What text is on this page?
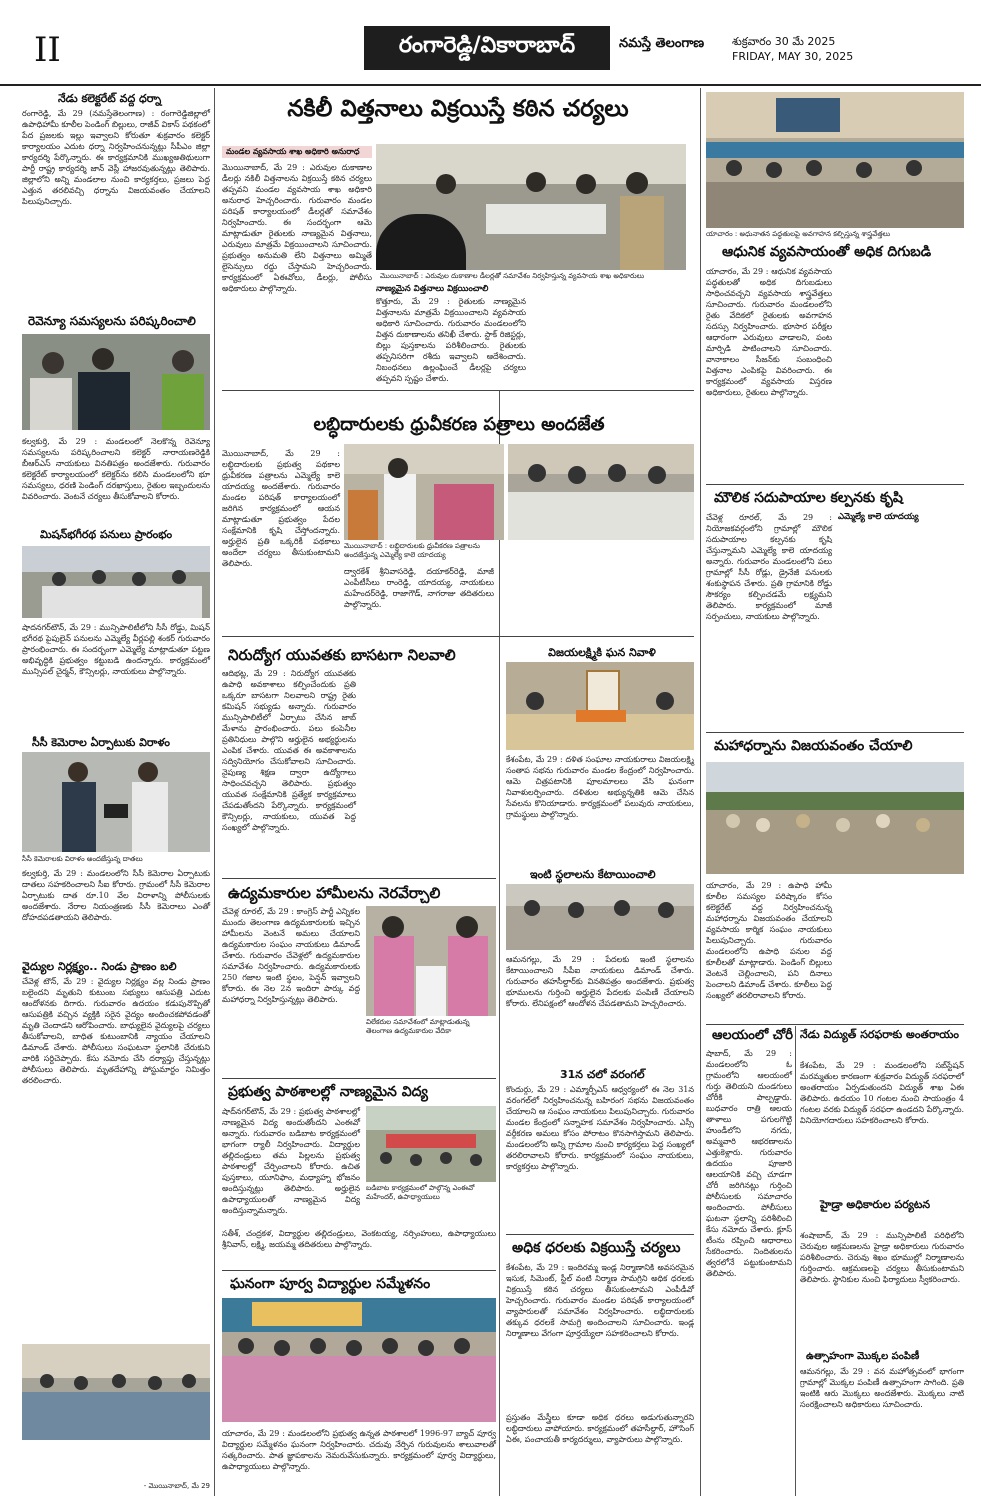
II	రంగారెడ్డి/వికారాబాద్	నమస్తే తెలంగాణ	శుక్రవారం 30 మే 2025
FRIDAY, MAY 30, 2025
నేడు కలెక్టరేట్ వద్ద ధర్నా
రంగారెడ్డి, మే 29 (నమస్తేతెలంగాణ) : రంగారెడ్డిజిల్లాలో ఉపాధిహామీ కూలీల పెండింగ్ బిల్లులు, రాజీవ్ వికాస్ పథకంలో పేద ప్రజలకు ఇల్లు ఇవ్వాలని కోరుతూ శుక్రవారం కలెక్టర్ కార్యాలయం ఎదుట ధర్నా నిర్వహించనున్నట్లు సీపీఎం జిల్లా కార్యదర్శి పేర్కొన్నారు. ఈ కార్యక్రమానికి ముఖ్యఅతిథులుగా పార్టీ రాష్ట్ర కార్యదర్శి జాన్ వెస్లీ హాజరవుతున్నట్లు తెలిపారు. జిల్లాలోని అన్ని మండలాల నుంచి కార్యకర్తలు, ప్రజలు పెద్ద ఎత్తున తరలివచ్చి ధర్నాను విజయవంతం చేయాలని పిలుపునిచ్చారు.
రెవెన్యూ సమస్యలను పరిష్కరించాలి
కల్వకుర్తి, మే 29 : మండలంలో నెలకొన్న రెవెన్యూ సమస్యలను పరిష్కరించాలని కలెక్టర్ నారాయణరెడ్డికి బీఆర్ఎస్ నాయకులు వినతిపత్రం అందజేశారు. గురువారం కలెక్టరేట్ కార్యాలయంలో కలెక్టర్‌ను కలిసి మండలంలోని భూ సమస్యలు, ధరణి పెండింగ్ దరఖాస్తులు, రైతుల ఇబ్బందులను వివరించారు. వెంటనే చర్యలు తీసుకోవాలని కోరారు.
మిషన్‌భగీరథ పనులు ప్రారంభం
షాదనగర్‌టౌన్, మే 29 : మున్సిపాలిటీలోని సీసీ రోడ్డు, మిషన్ భగీరథ పైపులైన్ పనులను ఎమ్మెల్యే వీర్లపల్లి శంకర్ గురువారం ప్రారంభించారు. ఈ సందర్భంగా ఎమ్మెల్యే మాట్లాడుతూ పట్టణ అభివృద్ధికి ప్రభుత్వం కట్టుబడి ఉందన్నారు. కార్యక్రమంలో మున్సిపల్ చైర్మన్, కౌన్సిలర్లు, నాయకులు పాల్గొన్నారు.
సీసీ కెమెరాల ఏర్పాటుకు విరాళం
సీసీ కెమెరాలకు విరాళం అందజేస్తున్న దాతలు
కల్వకుర్తి, మే 29 : మండలంలోని సీసీ కెమెరాల ఏర్పాటుకు దాతలు సహకరించాలని సీఐ కోరారు. గ్రామంలో సీసీ కెమెరాల ఏర్పాటుకు దాత రూ.10 వేల విరాళాన్ని పోలీసులకు అందజేశారు. నేరాల నియంత్రణకు సీసీ కెమెరాలు ఎంతో దోహదపడతాయని తెలిపారు.
వైద్యుల నిర్లక్ష్యం.. నిండు ప్రాణం బలి
చేవెళ్ల టౌన్, మే 29 : వైద్యుల నిర్లక్ష్యం వల్ల నిండు ప్రాణం బలైందని మృతుని కుటుంబ సభ్యులు ఆసుపత్రి ఎదుట ఆందోళనకు దిగారు. గురువారం ఉదయం కడుపునొప్పితో ఆసుపత్రికి వచ్చిన వ్యక్తికి సరైన వైద్యం అందించకపోవడంతో మృతి చెందాడని ఆరోపించారు. బాధ్యులైన వైద్యులపై చర్యలు తీసుకోవాలని, బాధిత కుటుంబానికి న్యాయం చేయాలని డిమాండ్ చేశారు. పోలీసులు సంఘటనా స్థలానికి చేరుకుని వారికి సర్దిచెప్పారు. కేసు నమోదు చేసి దర్యాప్తు చేస్తున్నట్లు పోలీసులు తెలిపారు. మృతదేహాన్ని పోస్టుమార్టం నిమిత్తం తరలించారు.
- మొయినాబాద్, మే 29
నకిలీ విత్తనాలు విక్రయిస్తే కఠిన చర్యలు
మండల వ్యవసాయ శాఖ అధికారి అనురాధ
మొయినాబాద్, మే 29 : ఎరువుల దుకాణాల డీలర్లు నకిలీ విత్తనాలను విక్రయిస్తే కఠిన చర్యలు తప్పవని మండల వ్యవసాయ శాఖ అధికారి అనురాధ హెచ్చరించారు. గురువారం మండల పరిషత్ కార్యాలయంలో డీలర్లతో సమావేశం నిర్వహించారు. ఈ సందర్భంగా ఆమె మాట్లాడుతూ రైతులకు నాణ్యమైన విత్తనాలు, ఎరువులు మాత్రమే విక్రయించాలని సూచించారు. ప్రభుత్వం అనుమతి లేని విత్తనాలు అమ్మితే లైసెన్సులు రద్దు చేస్తామని హెచ్చరించారు. కార్యక్రమంలో ఏఈవోలు, డీలర్లు, పోలీసు అధికారులు పాల్గొన్నారు.
మొయినాబాద్ : ఎరువుల దుకాణాల డీలర్లతో సమావేశం నిర్వహిస్తున్న వ్యవసాయ శాఖ అధికారులు
నాణ్యమైన విత్తనాలు విక్రయించాలి
కొత్తూరు, మే 29 : రైతులకు నాణ్యమైన విత్తనాలను మాత్రమే విక్రయించాలని వ్యవసాయ అధికారి సూచించారు. గురువారం మండలంలోని విత్తన దుకాణాలను తనిఖీ చేశారు. స్టాక్ రిజిస్టర్లు, బిల్లు పుస్తకాలను పరిశీలించారు. రైతులకు తప్పనిసరిగా రశీదు ఇవ్వాలని ఆదేశించారు. నిబంధనలు ఉల్లంఘించే డీలర్లపై చర్యలు తప్పవని స్పష్టం చేశారు.
యాచారం : అధునాతన పద్ధతులపై అవగాహన కల్పిస్తున్న శాస్త్రవేత్తలు
ఆధునిక వ్యవసాయంతో అధిక దిగుబడి
యాచారం, మే 29 : ఆధునిక వ్యవసాయ పద్ధతులతో అధిక దిగుబడులు సాధించవచ్చని వ్యవసాయ శాస్త్రవేత్తలు సూచించారు. గురువారం మండలంలోని రైతు వేదికలో రైతులకు అవగాహన సదస్సు నిర్వహించారు. భూసార పరీక్షల ఆధారంగా ఎరువులు వాడాలని, పంట మార్పిడి పాటించాలని సూచించారు. వానాకాలం సీజన్‌కు సంబంధించి విత్తనాల ఎంపికపై వివరించారు. ఈ కార్యక్రమంలో వ్యవసాయ విస్తరణ అధికారులు, రైతులు పాల్గొన్నారు.
లబ్ధిదారులకు ధ్రువీకరణ పత్రాలు అందజేత
మొయినాబాద్, మే 29 : లబ్ధిదారులకు ప్రభుత్వ పథకాల ధ్రువీకరణ పత్రాలను ఎమ్మెల్యే కాలె యాదయ్య అందజేశారు. గురువారం మండల పరిషత్ కార్యాలయంలో జరిగిన కార్యక్రమంలో ఆయన మాట్లాడుతూ ప్రభుత్వం పేదల సంక్షేమానికి కృషి చేస్తోందన్నారు. అర్హులైన ప్రతి ఒక్కరికీ పథకాలు అందేలా చర్యలు తీసుకుంటామని తెలిపారు.
మొయినాబాద్ : లబ్ధిదారులకు ధ్రువీకరణ పత్రాలను అందజేస్తున్న ఎమ్మెల్యే కాలె యాదయ్య
ద్వారకేశ్ శ్రీనివాసరెడ్డి, దయాకర్‌రెడ్డి, మాజీ ఎంపీటీసీలు రాంరెడ్డి, యాదయ్య, నాయకులు మహేందర్‌రెడ్డి, రాజాగౌడ్, నాగరాజు తదితరులు పాల్గొన్నారు.
మౌలిక సదుపాయాల కల్పనకు కృషి
ఎమ్మెల్యే కాలె యాదయ్య
చేవెళ్ల రూరల్, మే 29 : నియోజకవర్గంలోని గ్రామాల్లో మౌలిక సదుపాయాల కల్పనకు కృషి చేస్తున్నామని ఎమ్మెల్యే కాలె యాదయ్య అన్నారు. గురువారం మండలంలోని పలు గ్రామాల్లో సీసీ రోడ్లు, డ్రైనేజీ పనులకు శంకుస్థాపన చేశారు. ప్రతి గ్రామానికి రోడ్డు సౌకర్యం కల్పించడమే లక్ష్యమని తెలిపారు. కార్యక్రమంలో మాజీ సర్పంచులు, నాయకులు పాల్గొన్నారు.
మహాధర్నాను విజయవంతం చేయాలి
యాచారం, మే 29 : ఉపాధి హామీ కూలీల సమస్యల పరిష్కారం కోసం కలెక్టరేట్ వద్ద నిర్వహించనున్న మహాధర్నాను విజయవంతం చేయాలని వ్యవసాయ కార్మిక సంఘం నాయకులు పిలుపునిచ్చారు. గురువారం మండలంలోని ఉపాధి పనుల వద్ద కూలీలతో మాట్లాడారు. పెండింగ్ బిల్లులు వెంటనే చెల్లించాలని, పని దినాలు పెంచాలని డిమాండ్ చేశారు. కూలీలు పెద్ద సంఖ్యలో తరలిరావాలని కోరారు.
నిరుద్యోగ యువతకు బాసటగా నిలవాలి
ఆదిభట్ల, మే 29 : నిరుద్యోగ యువతకు ఉపాధి అవకాశాలు కల్పించేందుకు ప్రతి ఒక్కరూ బాసటగా నిలవాలని రాష్ట్ర రైతు కమిషన్ సభ్యుడు అన్నారు. గురువారం మున్సిపాలిటీలో ఏర్పాటు చేసిన జాబ్ మేళాను ప్రారంభించారు. పలు కంపెనీల ప్రతినిధులు పాల్గొని అర్హులైన అభ్యర్థులను ఎంపిక చేశారు. యువత ఈ అవకాశాలను సద్వినియోగం చేసుకోవాలని సూచించారు. నైపుణ్య శిక్షణ ద్వారా ఉద్యోగాలు సాధించవచ్చని తెలిపారు. ప్రభుత్వం యువత సంక్షేమానికి ప్రత్యేక కార్యక్రమాలు చేపడుతోందని పేర్కొన్నారు. కార్యక్రమంలో కౌన్సిలర్లు, నాయకులు, యువత పెద్ద సంఖ్యలో పాల్గొన్నారు.
ఉద్యమకారుల హామీలను నెరవేర్చాలి
చేవెళ్ల రూరల్, మే 29 : కాంగ్రెస్ పార్టీ ఎన్నికల ముందు తెలంగాణ ఉద్యమకారులకు ఇచ్చిన హామీలను వెంటనే అమలు చేయాలని ఉద్యమకారుల సంఘం నాయకులు డిమాండ్ చేశారు. గురువారం చేవెళ్లలో ఉద్యమకారుల సమావేశం నిర్వహించారు. ఉద్యమకారులకు 250 గజాల ఇంటి స్థలం, పెన్షన్ ఇవ్వాలని కోరారు. ఈ నెల 2న ఇందిరా పార్కు వద్ద మహాధర్నా నిర్వహిస్తున్నట్లు తెలిపారు.
విలేకరుల సమావేశంలో మాట్లాడుతున్న తెలంగాణ ఉద్యమకారుల వేదికా
విజయలక్ష్మికి ఘన నివాళి
కేశంపేట, మే 29 : దళిత సంఘాల నాయకురాలు విజయలక్ష్మి సంతాప సభను గురువారం మండల కేంద్రంలో నిర్వహించారు. ఆమె చిత్రపటానికి పూలమాలలు వేసి ఘనంగా నివాళులర్పించారు. దళితుల అభ్యున్నతికి ఆమె చేసిన సేవలను కొనియాడారు. కార్యక్రమంలో పలువురు నాయకులు, గ్రామస్థులు పాల్గొన్నారు.
ఇంటి స్థలాలను కేటాయించాలి
ఆమనగల్లు, మే 29 : పేదలకు ఇంటి స్థలాలను కేటాయించాలని సీపీఐ నాయకులు డిమాండ్ చేశారు. గురువారం తహసీల్దార్‌కు వినతిపత్రం అందజేశారు. ప్రభుత్వ భూములను గుర్తించి అర్హులైన పేదలకు పంపిణీ చేయాలని కోరారు. లేనిపక్షంలో ఆందోళన చేపడతామని హెచ్చరించారు.
31న చలో వరంగల్
కొందుర్గు, మే 29 : ఎమ్మార్పీఎస్ ఆధ్వర్యంలో ఈ నెల 31న వరంగల్‌లో నిర్వహించనున్న బహిరంగ సభను విజయవంతం చేయాలని ఆ సంఘం నాయకులు పిలుపునిచ్చారు. గురువారం మండల కేంద్రంలో సన్నాహక సమావేశం నిర్వహించారు. ఎస్సీ వర్గీకరణ అమలు కోసం పోరాటం కొనసాగిస్తామని తెలిపారు. మండలంలోని అన్ని గ్రామాల నుంచి కార్యకర్తలు పెద్ద సంఖ్యలో తరలిరావాలని కోరారు. కార్యక్రమంలో సంఘం నాయకులు, కార్యకర్తలు పాల్గొన్నారు.
ఆలయంలో చోరీ
షాబాద్, మే 29 : మండలంలోని ఓ గ్రామంలోని ఆలయంలో గుర్తు తెలియని దుండగులు చోరీకి పాల్పడ్డారు. బుధవారం రాత్రి ఆలయ తాళాలు పగులగొట్టి హుండీలోని నగదు, అమ్మవారి ఆభరణాలను ఎత్తుకెళ్లారు. గురువారం ఉదయం పూజారి ఆలయానికి వచ్చి చూడగా చోరీ జరిగినట్లు గుర్తించి పోలీసులకు సమాచారం అందించారు. పోలీసులు ఘటనా స్థలాన్ని పరిశీలించి కేసు నమోదు చేశారు. క్లూస్ టీంను రప్పించి ఆధారాలు సేకరించారు. నిందితులను త్వరలోనే పట్టుకుంటామని తెలిపారు.
నేడు విద్యుత్ సరఫరాకు అంతరాయం
కేశంపేట, మే 29 : మండలంలోని సబ్‌స్టేషన్ మరమ్మతుల కారణంగా శుక్రవారం విద్యుత్ సరఫరాలో అంతరాయం ఏర్పడుతుందని విద్యుత్ శాఖ ఏఈ తెలిపారు. ఉదయం 10 గంటల నుంచి సాయంత్రం 4 గంటల వరకు విద్యుత్ సరఫరా ఉండదని పేర్కొన్నారు. వినియోగదారులు సహకరించాలని కోరారు.
హైడ్రా అధికారుల పర్యటన
శంషాబాద్, మే 29 : మున్సిపాలిటీ పరిధిలోని చెరువుల ఆక్రమణలను హైడ్రా అధికారులు గురువారం పరిశీలించారు. చెరువు శిఖం భూముల్లో నిర్మాణాలను గుర్తించారు. ఆక్రమణలపై చర్యలు తీసుకుంటామని తెలిపారు. స్థానికుల నుంచి ఫిర్యాదులు స్వీకరించారు.
ఉత్సాహంగా మొక్కల పంపిణీ
ఆమనగల్లు, మే 29 : వన మహోత్సవంలో భాగంగా గ్రామాల్లో మొక్కల పంపిణీ ఉత్సాహంగా సాగింది. ప్రతి ఇంటికి ఆరు మొక్కలు అందజేశారు. మొక్కలు నాటి సంరక్షించాలని అధికారులు సూచించారు.
ప్రభుత్వ పాఠశాలల్లో నాణ్యమైన విద్య
షాద్‌నగర్‌టౌన్, మే 29 : ప్రభుత్వ పాఠశాలల్లో నాణ్యమైన విద్య అందుతోందని ఎంఈవో అన్నారు. గురువారం బడిబాట కార్యక్రమంలో భాగంగా ర్యాలీ నిర్వహించారు. విద్యార్థుల తల్లిదండ్రులు తమ పిల్లలను ప్రభుత్వ పాఠశాలల్లో చేర్పించాలని కోరారు. ఉచిత పుస్తకాలు, యూనిఫాం, మధ్యాహ్న భోజనం అందిస్తున్నట్లు తెలిపారు. అర్హులైన ఉపాధ్యాయులతో నాణ్యమైన విద్య అందిస్తున్నామన్నారు.
బడిబాట కార్యక్రమంలో పాల్గొన్న ఎంఈవో మహేందర్, ఉపాధ్యాయులు
సతీశ్, చంద్రకళ, విద్యార్థుల తల్లిదండ్రులు, వెంకటయ్య, నర్సింహులు, ఉపాధ్యాయులు శ్రీనివాస్, లక్ష్మి, జయమ్మ తదితరులు పాల్గొన్నారు.
ఘనంగా పూర్వ విద్యార్థుల సమ్మేళనం
యాచారం, మే 29 : మండలంలోని ప్రభుత్వ ఉన్నత పాఠశాలలో 1996-97 బ్యాచ్ పూర్వ విద్యార్థుల సమ్మేళనం ఘనంగా నిర్వహించారు. చదువు నేర్పిన గురువులను శాలువాలతో సత్కరించారు. పాత జ్ఞాపకాలను నెమరువేసుకున్నారు. కార్యక్రమంలో పూర్వ విద్యార్థులు, ఉపాధ్యాయులు పాల్గొన్నారు.
అధిక ధరలకు విక్రయిస్తే చర్యలు
కేశంపేట, మే 29 : ఇందిరమ్మ ఇండ్ల నిర్మాణానికి అవసరమైన ఇసుక, సిమెంట్, స్టీల్ వంటి నిర్మాణ సామగ్రిని అధిక ధరలకు విక్రయిస్తే కఠిన చర్యలు తీసుకుంటామని ఎంపీడీవో హెచ్చరించారు. గురువారం మండల పరిషత్ కార్యాలయంలో వ్యాపారులతో సమావేశం నిర్వహించారు. లబ్ధిదారులకు తక్కువ ధరలకే సామగ్రి అందించాలని సూచించారు. ఇండ్ల నిర్మాణాలు వేగంగా పూర్తయ్యేలా సహకరించాలని కోరారు.
ప్రస్తుతం మేస్త్రీలు కూడా అధిక ధరలు అడుగుతున్నారని లబ్ధిదారులు వాపోయారు. కార్యక్రమంలో తహసీల్దార్, హౌసింగ్ ఏఈ, పంచాయతీ కార్యదర్శులు, వ్యాపారులు పాల్గొన్నారు.
